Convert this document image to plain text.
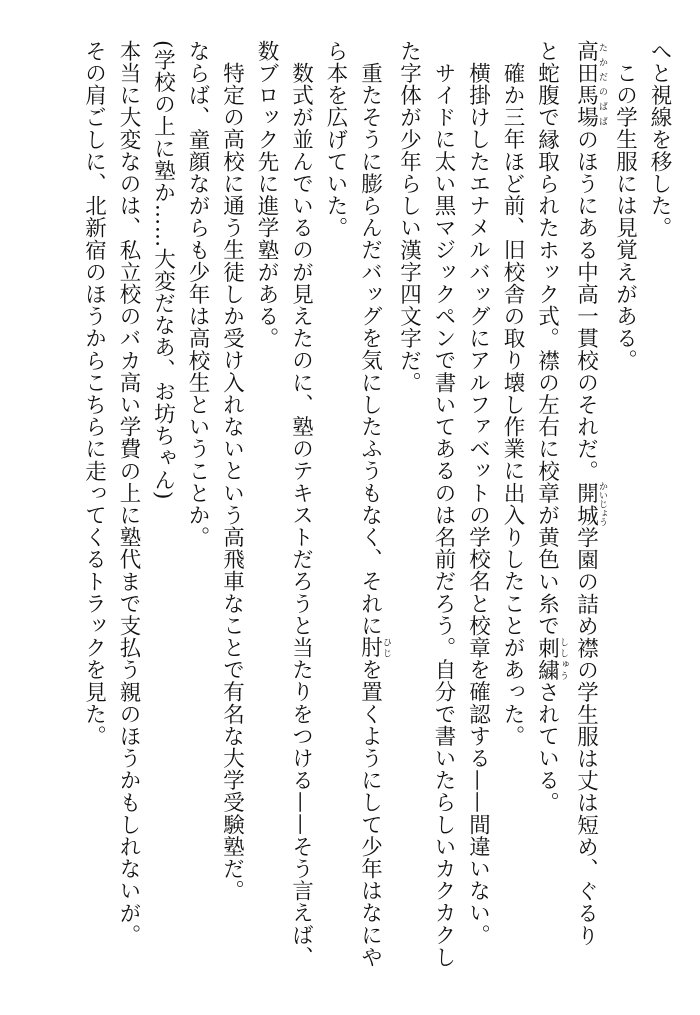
へと視線を移した。
この学生服には見覚えがある。
高田馬場たかだのばばのほうにある中高一貫校のそれだ。開城かいじょう学園の詰め襟の学生服は丈は短め、ぐるり
と蛇腹で縁取られたホック式。襟の左右に校章が黄色い糸で刺繍ししゅうされている。
確か三年ほど前、旧校舎の取り壊し作業に出入りしたことがあった。
横掛けしたエナメルバッグにアルファベットの学校名と校章を確認する——間違いない。
サイドに太い黒マジックペンで書いてあるのは名前だろう。自分で書いたらしいカクカクし
た字体が少年らしい漢字四文字だ。
重たそうに膨らんだバッグを気にしたふうもなく、それに肘ひじを置くようにして少年はなにや
ら本を広げていた。
数式が並んでいるのが見えたのに、塾のテキストだろうと当たりをつける——そう言えば、
数ブロック先に進学塾がある。
特定の高校に通う生徒しか受け入れないという高飛車なことで有名な大学受験塾だ。
ならば、童顔ながらも少年は高校生ということか。
(学校の上に塾か……大変だなあ、お坊ちゃん)
本当に大変なのは、私立校のバカ高い学費の上に塾代まで支払う親のほうかもしれないが。
その肩ごしに、北新宿のほうからこちらに走ってくるトラックを見た。
